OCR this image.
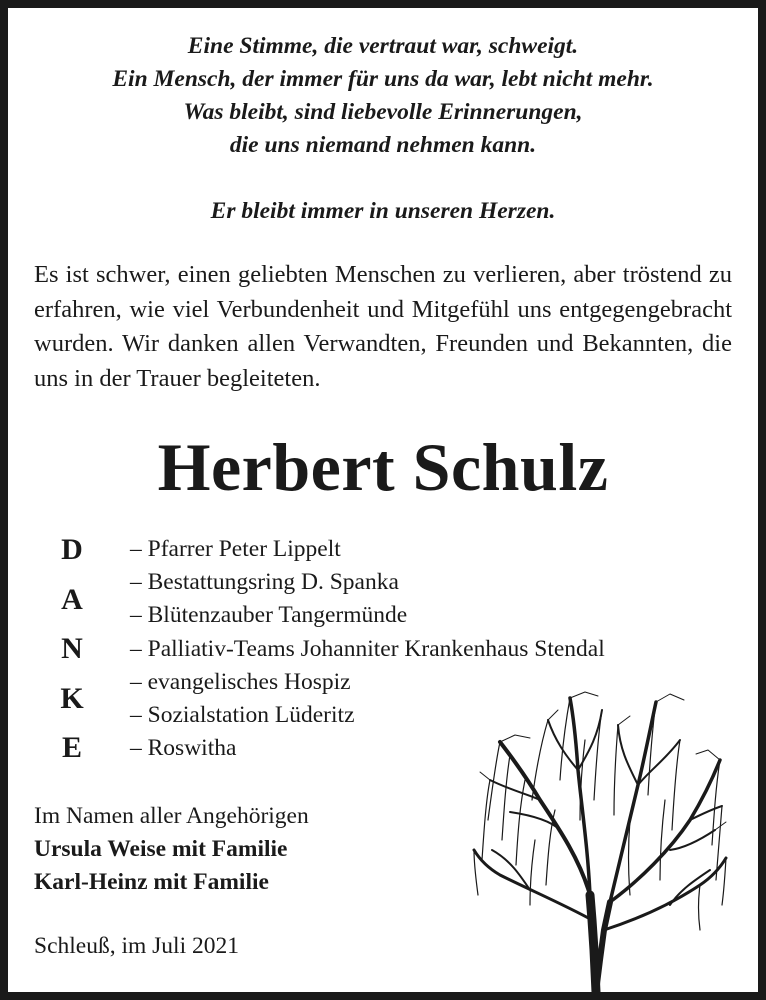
Eine Stimme, die vertraut war, schweigt.
Ein Mensch, der immer für uns da war, lebt nicht mehr.
Was bleibt, sind liebevolle Erinnerungen,
die uns niemand nehmen kann.
Er bleibt immer in unseren Herzen.
Es ist schwer, einen geliebten Menschen zu verlieren, aber tröstend zu erfahren, wie viel Verbundenheit und Mitgefühl uns entgegengebracht wurden. Wir danken allen Verwandten, Freunden und Bekannten, die uns in der Trauer begleiteten.
Herbert Schulz
D
A
N
K
E
– Pfarrer Peter Lippelt
– Bestattungsring D. Spanka
– Blütenzauber Tangermünde
– Palliativ-Teams Johanniter Krankenhaus Stendal
– evangelisches Hospiz
– Sozialstation Lüderitz
– Roswitha
Im Namen aller Angehörigen
Ursula Weise mit Familie
Karl-Heinz mit Familie
Schleuß, im Juli 2021
